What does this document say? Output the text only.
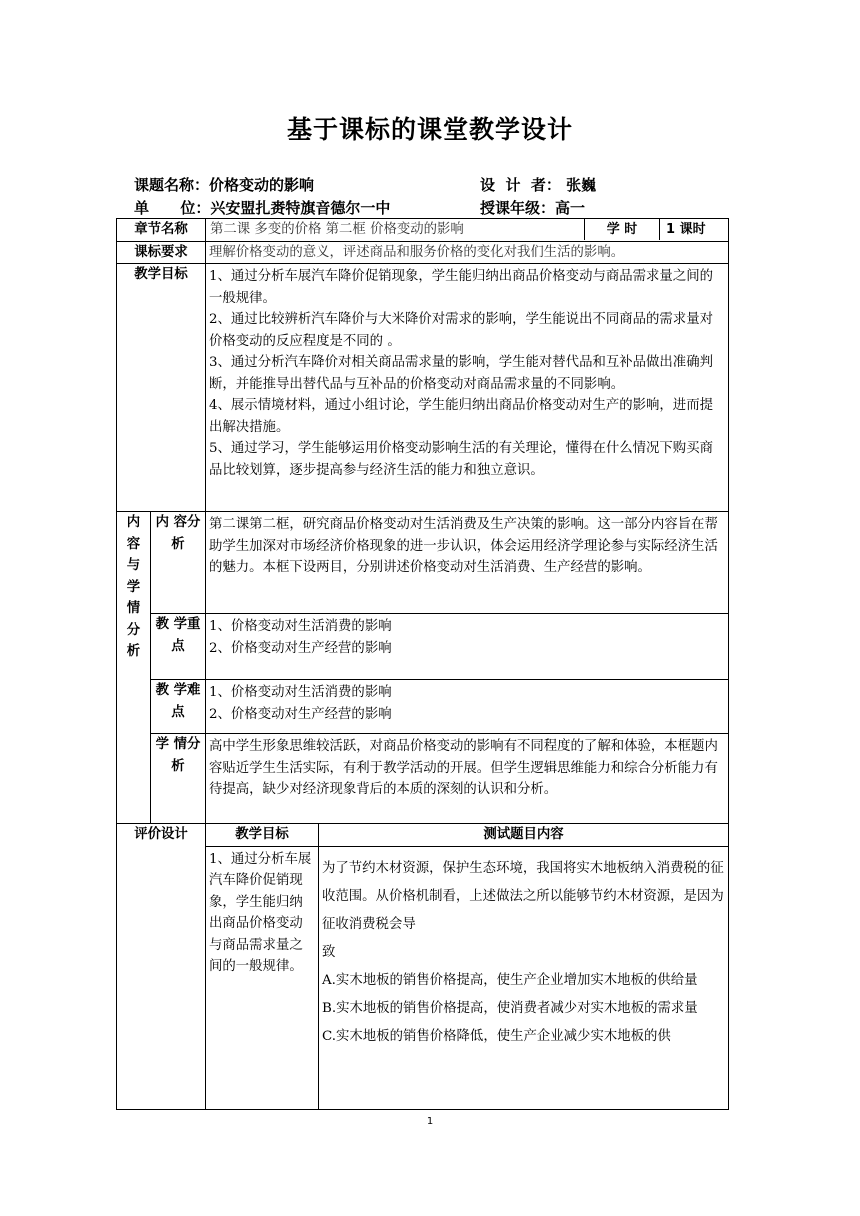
基于课标的课堂教学设计
课题名称：价格变动的影响	设  计  者： 张巍
单      位：兴安盟扎赉特旗音德尔一中	授课年级：高一
章节名称		第二课 多变的价格 第二框 价格变动的影响 学 时 1 课时	

课标要求		理解价格变动的意义，评述商品和服务价格的变化对我们生活的影响。	
教学目标		1、通过分析车展汽车降价促销现象，学生能归纳出商品价格变动与商品需求量之间的一般规律。
2、通过比较辨析汽车降价与大米降价对需求的影响，学生能说出不同商品的需求量对价格变动的反应程度是不同的 。
3、通过分析汽车降价对相关商品需求量的影响，学生能对替代品和互补品做出准确判断，并能推导出替代品与互补品的价格变动对商品需求量的不同影响。
4、展示情境材料，通过小组讨论，学生能归纳出商品价格变动对生产的影响，进而提出解决措施。
5、通过学习，学生能够运用价格变动影响生活的有关理论，懂得在什么情况下购买商品比较划算，逐步提高参与经济生活的能力和独立意识。	

内容与学情分析	内 容分 析	第二课第二框，研究商品价格变动对生活消费及生产决策的影响。这一部分内容旨在帮助学生加深对市场经济价格现象的进一步认识，体会运用经济学理论参与实际经济生活的魅力。本框下设两目，分别讲述价格变动对生活消费、生产经营的影响。	

	教 学重 点	1、价格变动对生活消费的影响
2、价格变动对生产经营的影响	

	教 学难 点	1、价格变动对生活消费的影响
2、价格变动对生产经营的影响	

	学 情分 析	高中学生形象思维较活跃，对商品价格变动的影响有不同程度的了解和体验，本框题内容贴近学生生活实际，有利于教学活动的开展。但学生逻辑思维能力和综合分析能力有待提高，缺少对经济现象背后的本质的深刻的认识和分析。	
评价设计		教学目标	测试题目内容
		1、通过分析车展汽车降价促销现象，学生能归纳出商品价格变动与商品需求量之间的一般规律。	为了节约木材资源，保护生态环境，我国将实木地板纳入消费税的征收范围。从价格机制看，上述做法之所以能够节约木材资源，是因为征收消费税会导
致
A.实木地板的销售价格提高，使生产企业增加实木地板的供给量
B.实木地板的销售价格提高，使消费者减少对实木地板的需求量
C.实木地板的销售价格降低，使生产企业减少实木地板的供
1
